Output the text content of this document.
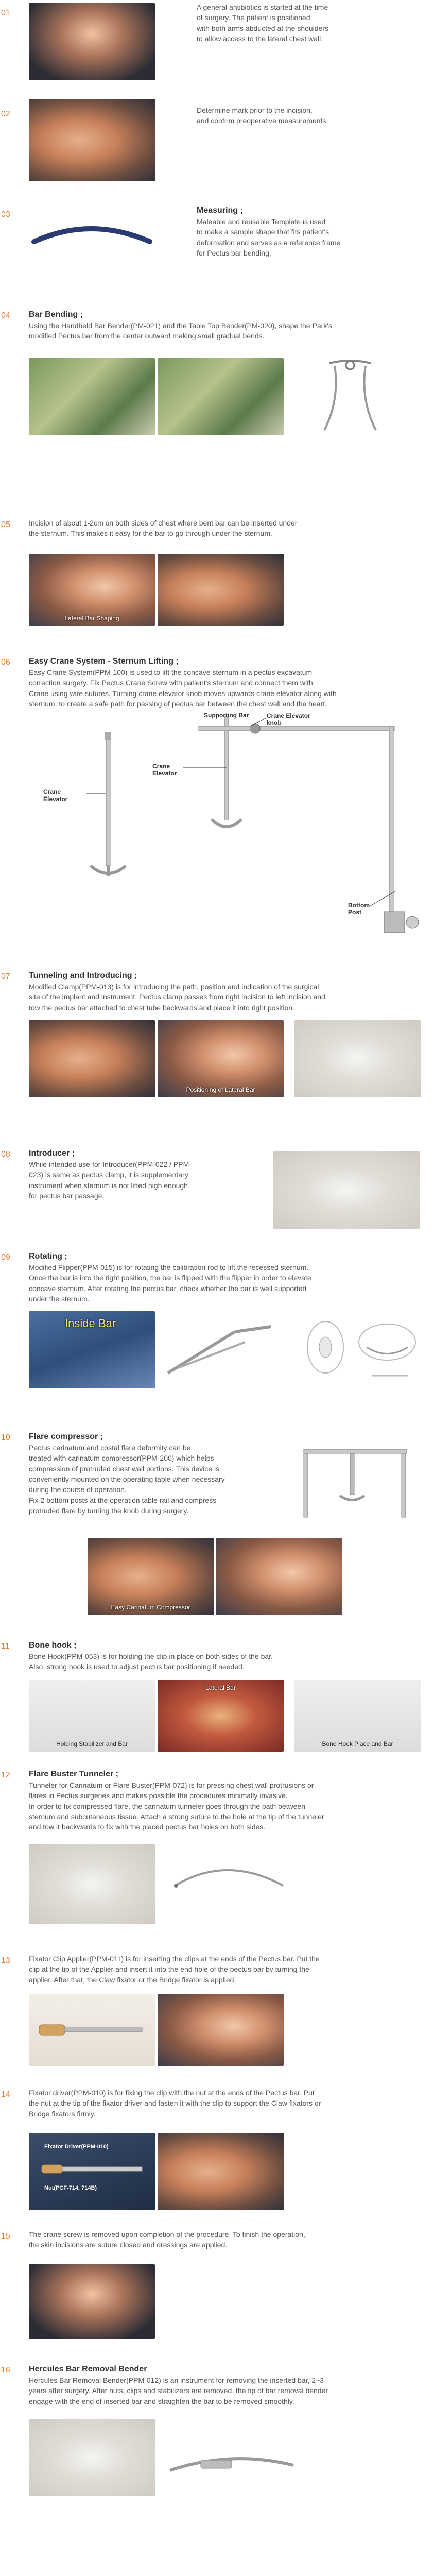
01
A general antibiotics is started at the time
of surgery. The patient is positioned
with both arms abducted at the shoulders
to allow access to the lateral chest wall.
02	Determine mark prior to the incision,
and confirm preoperative measurements.
03	Measuring ;
Maleable and reusable Template is used
to make a sample shape that fits patient's
deformation and serves as a reference frame
for Pectus bar bending.
04 Bar Bending ;
Using the Handheld Bar Bender(PM-021) and the Table Top Bender(PM-020), shape the Park's
modified Pectus bar from the center outward making small gradual bends.
05	Incision of about 1-2cm on both sides of chest where bent bar can be inserted under
the sternum. This makes it easy for the bar to go through under the sternum.
Lateral Bar Shaping
06 Easy Crane System - Sternum Lifting ;
Easy Crane System(PPM-100) is used to lift the concave sternum in a pectus excavatum
correction surgery. Fix Pectus Crane Screw with patient's sternum and connect them with
Crane using wire sutures. Turning crane elevator knob moves upwards crane elevator along with
sternum, to create a safe path for passing of pectus bar between the chest wall and the heart.
Supporting Bar	Crane Elevator knob
Crane Elevator
Crane Elevator
Bottom Post
07 Tunneling and Introducing ;
Modified Clamp(PPM-013) is for introducing the path, position and indication of the surgical
site of the implant and instrument. Pectus clamp passes from right incision to left incision and
tow the pectus bar attached to chest tube backwards and place it into right position.
Positioning of Lateral Bar
08 Introducer ;
While intended use for Introducer(PPM-022 / PPM-
023) is same as pectus clamp, it is supplementary
instrument when sternum is not lifted high enough
for pectus bar passage.
09 Rotating ;
Modified Flipper(PPM-015) is for rotating the calibration rod to lift the recessed sternum.
Once the bar is into the right position, the bar is flipped with the flipper in order to elevate
concave sternum. After rotating the pectus bar, check whether the bar is well supported
under the sternum.
Inside Bar
10 Flare compressor ;
Pectus carinatum and costal flare deformity can be
treated with carinatum compressor(PPM-200) which helps
compression of protruded chest wall portions. This device is
conveniently mounted on the operating table when necessary
during the course of operation.
Fix 2 bottom posts at the operation table rail and compress
protruded flare by turning the knob during surgery.
Easy Carinatum Compressor
11 Bone hook ;
Bone Hook(PPM-053) is for holding the clip in place on both sides of the bar.
Also, strong hook is used to adjust pectus bar positioning if needed.
Holding Stabilizer and Bar
Lateral Bar
Bone Hook Place and Bar
12 Flare Buster Tunneler ;
Tunneler for Carinatum or Flare Buster(PPM-072) is for pressing chest wall protrusions or
flares in Pectus surgeries and makes possible the procedures minimally invasive.
In order to fix compressed flare, the carinatum tunneler goes through the path between
sternum and subcutaneous tissue. Attach a strong suture to the hole at the tip of the tunneler
and tow it backwards to fix with the placed pectus bar holes on both sides.
13	Fixator Clip Applier(PPM-011) is for inserting the clips at the ends of the Pectus bar. Put the
clip at the tip of the Applier and insert it into the end hole of the pectus bar by turning the
applier. After that, the Claw fixator or the Bridge fixator is applied.
14	Fixator driver(PPM-010) is for fixing the clip with the nut at the ends of the Pectus bar. Put
the nut at the tip of the fixator driver and fasten it with the clip to support the Claw fixators or
Bridge fixators firmly.
Fixator Driver(PPM-010)
Nut(PCF-714, 714B)
15	The crane screw is removed upon completion of the procedure. To finish the operation,
the skin incisions are suture closed and dressings are applied.
16 Hercules Bar Removal Bender
Hercules Bar Removal Bender(PPM-012) is an instrument for removing the inserted bar, 2~3
years after surgery. After nuts, clips and stabilizers are removed, the tip of bar removal bender
engage with the end of inserted bar and straighten the bar to be removed smoothly.
